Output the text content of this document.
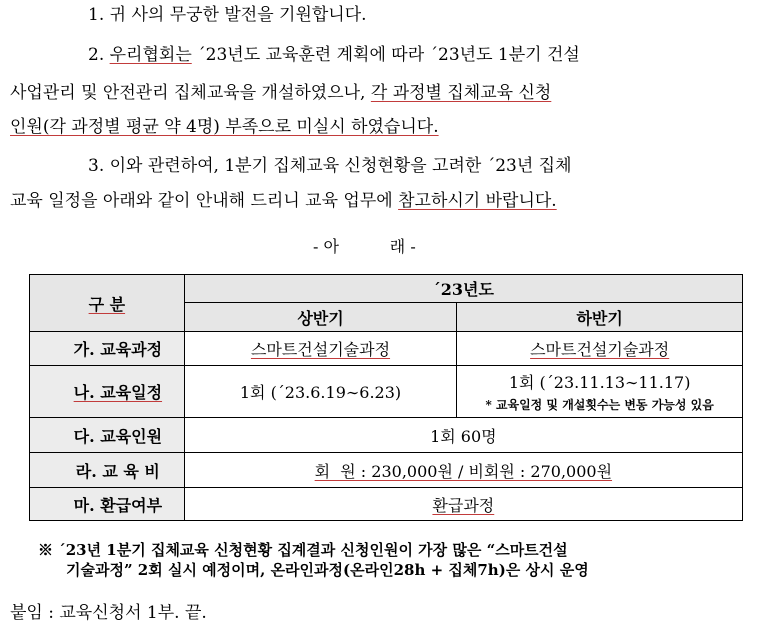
1. 귀 사의 무궁한 발전을 기원합니다.
2. 우리협회는 ´23년도 교육훈련 계획에 따라 ´23년도 1분기 건설
사업관리 및 안전관리 집체교육을 개설하였으나, 각 과정별 집체교육 신청
인원(각 과정별 평균 약 4명) 부족으로 미실시 하였습니다.
3. 이와 관련하여, 1분기 집체교육 신청현황을 고려한 ´23년 집체
교육 일정을 아래와 같이 안내해 드리니 교육 업무에 참고하시기 바랍니다.
- 아          래 -
구 분	´23년도	
	상반기	하반기
가. 교육과정	스마트건설기술과정	스마트건설기술과정
나. 교육일정	1회 (´23.6.19∼6.23)	1회 (´23.11.13∼11.17)
* 교육일정 및 개설횟수는 변동 가능성 있음

다. 교육인원	1회 60명	
라. 교 육 비	회  원 : 230,000원 / 비회원 : 270,000원	
마. 환급여부	환급과정	
※ ´23년 1분기 집체교육 신청현황 집계결과 신청인원이 가장 많은 “스마트건설
기술과정” 2회 실시 예정이며, 온라인과정(온라인28h + 집체7h)은 상시 운영
붙임 : 교육신청서 1부. 끝.
